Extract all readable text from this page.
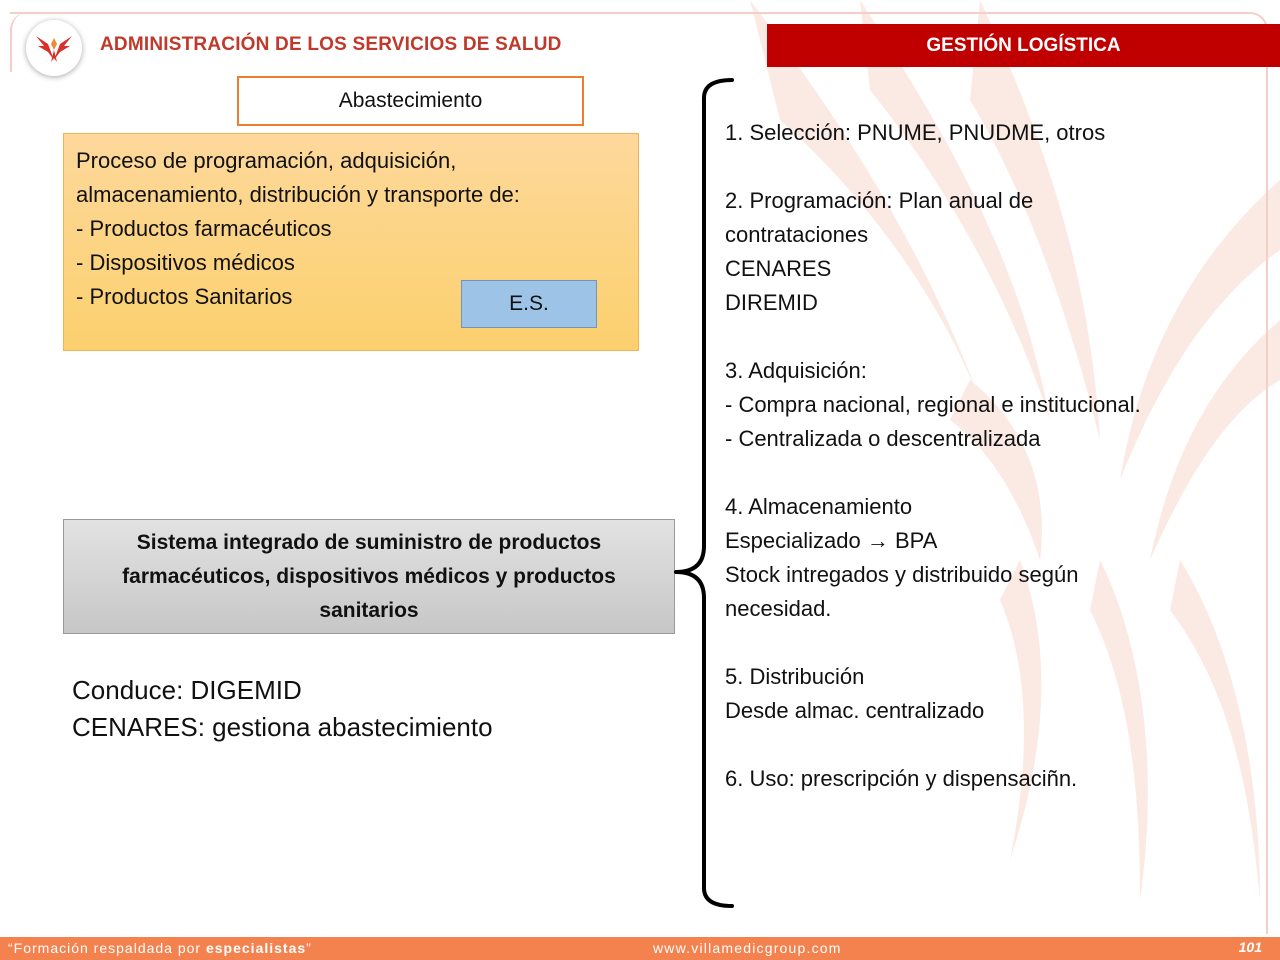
ADMINISTRACIÓN DE LOS SERVICIOS DE SALUD	GESTIÓN LOGÍSTICA
Abastecimiento
Proceso de programación, adquisición,
almacenamiento, distribución y transporte de:
- Productos farmacéuticos
- Dispositivos médicos
- Productos Sanitarios	E.S.
Sistema integrado de suministro de productos farmacéuticos, dispositivos médicos y productos sanitarios
Conduce: DIGEMID
CENARES: gestiona abastecimiento
1. Selección: PNUME, PNUDME, otros
2. Programación: Plan anual de contrataciones
CENARES
DIREMID
3. Adquisición:
- Compra nacional, regional e institucional.
- Centralizada o descentralizada
4. Almacenamiento
Especializado → BPA
Stock intregados y distribuido según necesidad.
5. Distribución
Desde almac. centralizado
6. Uso: prescripción y dispensaciñn.
“Formación respaldada por especialistas”	www.villamedicgroup.com	101
